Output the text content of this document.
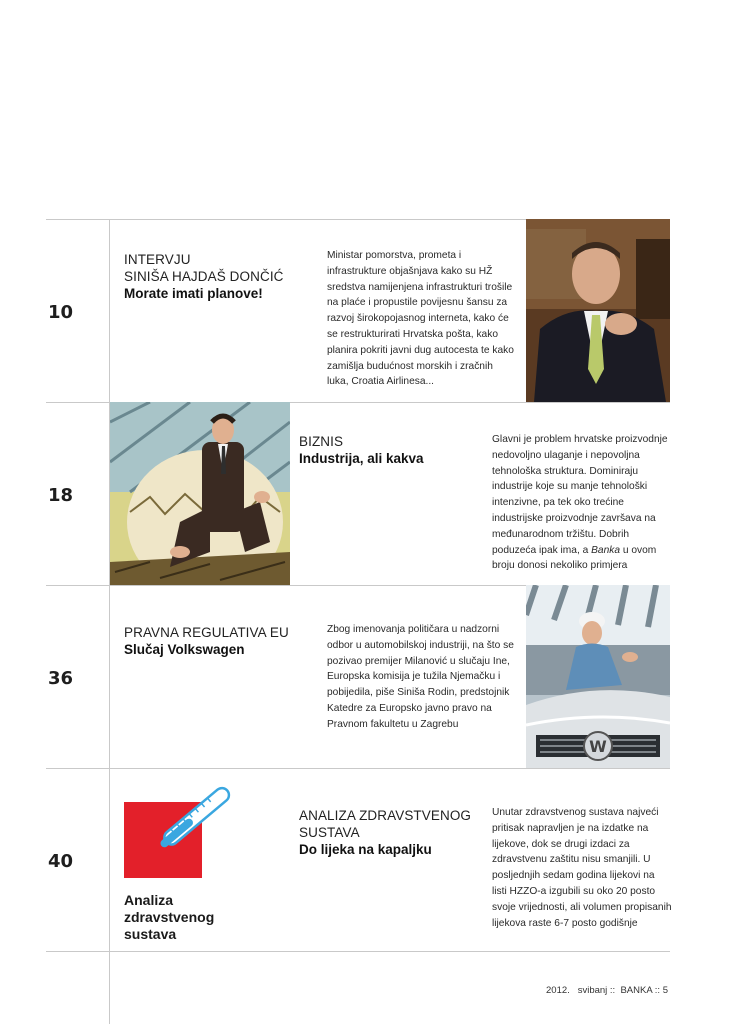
10
INTERVJU
SINIŠA HAJDAŠ DONČIĆ
Morate imati planove!
Ministar pomorstva, prometa i infrastrukture objašnjava kako su HŽ sredstva namijenjena infrastrukturi trošile na plaće i propustile povijesnu šansu za razvoj širokopojasnog interneta, kako će se restrukturirati Hrvatska pošta, kako planira pokriti javni dug autocesta te kako zamišlja budućnost morskih i zračnih luka, Croatia Airlinesa...
18
BIZNIS
Industrija, ali kakva
Glavni je problem hrvatske proizvodnje nedovoljno ulaganje i nepovoljna tehnološka struktura. Dominiraju industrije koje su manje tehnološki intenzivne, pa tek oko trećine industrijske proizvodnje završava na međunarodnom tržištu. Dobrih poduzeća ipak ima, a Banka u ovom broju donosi nekoliko primjera
36
PRAVNA REGULATIVA EU
Slučaj Volkswagen
Zbog imenovanja političara u nadzorni odbor u automobilskoj industriji, na što se pozivao premijer Milanović u slučaju Ine, Europska komisija je tužila Njemačku i pobijedila, piše Siniša Rodin, predstojnik Katedre za Europsko javno pravo na Pravnom fakultetu u Zagrebu
W
40
Analiza
zdravstvenog
sustava
ANALIZA ZDRAVSTVENOG
SUSTAVA
Do lijeka na kapaljku
Unutar zdravstvenog sustava najveći pritisak napravljen je na izdatke na lijekove, dok se drugi izdaci za zdravstvenu zaštitu nisu smanjili. U posljednjih sedam godina lijekovi na listi HZZO-a izgubili su oko 20 posto svoje vrijednosti, ali volumen propisanih lijekova raste 6-7 posto godišnje
2012.   svibanj ::  BANKA :: 5
